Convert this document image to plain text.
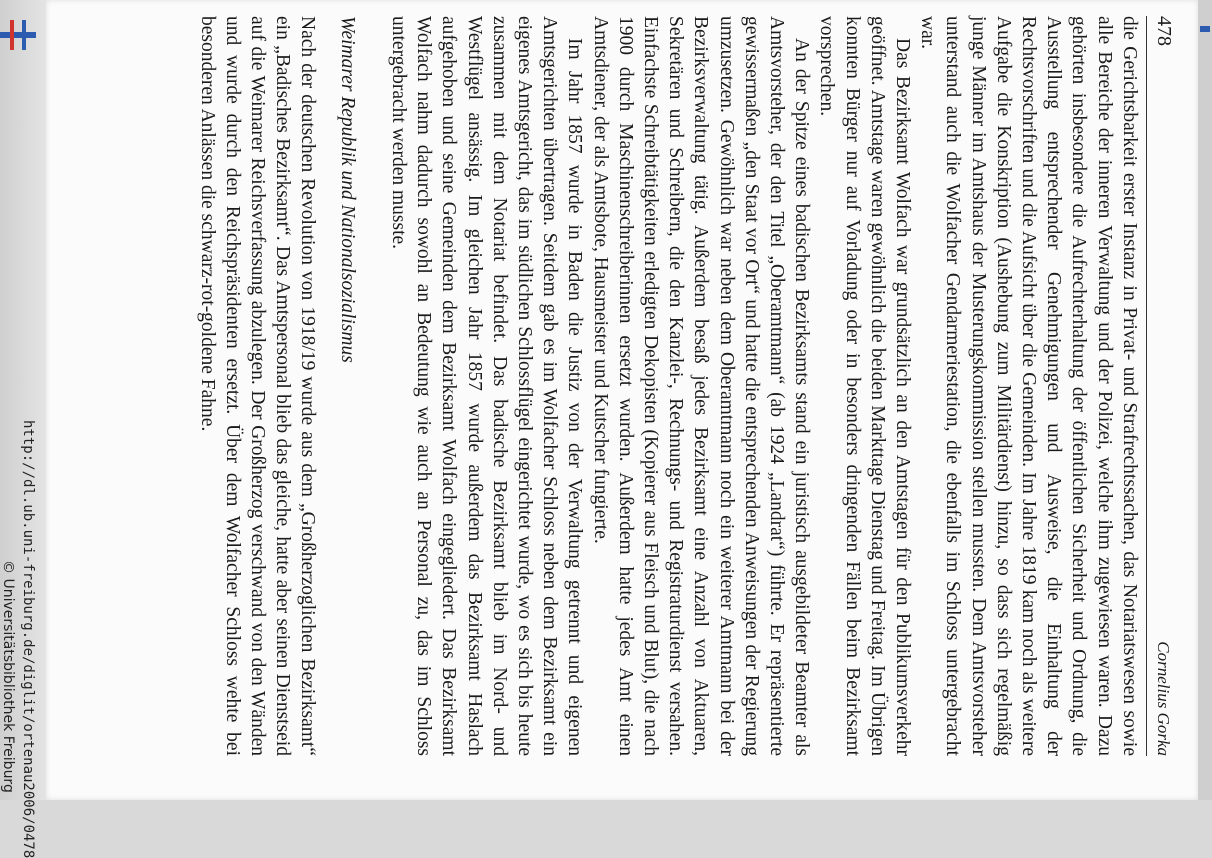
http://dl.ub.uni-freiburg.de/diglit/ortenau2006/0478
© Universitätsbibliothek Freiburg
478
Cornelius Gorka

die Gerichtsbarkeit erster Instanz in Privat- und Strafrechtssachen, das Notariatswesen sowie alle Bereiche der inneren Verwaltung und der Polizei, welche ihm zugewiesen waren. Dazu gehörten insbesondere die Aufrechterhaltung der öffentlichen Sicherheit und Ordnung, die Ausstellung entsprechender Genehmigungen und Ausweise, die Einhaltung der Rechtsvorschriften und die Aufsicht über die Gemeinden. Im Jahre 1819 kam noch als weitere Aufgabe die Konskription (Aushebung zum Militärdienst) hinzu, so dass sich regelmäßig junge Männer im Amtshaus der Musterungskommission stellen mussten. Dem Amtsvorsteher unterstand auch die Wolfacher Gendarmeriestation, die ebenfalls im Schloss untergebracht war.

Das Bezirksamt Wolfach war grundsätzlich an den Amtstagen für den Publikumsverkehr geöffnet. Amtstage waren gewöhnlich die beiden Markttage Dienstag und Freitag. Im Übrigen konnten Bürger nur auf Vorladung oder in besonders dringenden Fällen beim Bezirksamt vorsprechen.

An der Spitze eines badischen Bezirksamts stand ein juristisch ausgebildeter Beamter als Amtsvorsteher, der den Titel „Oberamtmann“ (ab 1924 „Landrat“) führte. Er repräsentierte gewissermaßen „den Staat vor Ort“ und hatte die entsprechenden Anweisungen der Regierung umzusetzen. Gewöhnlich war neben dem Oberamtmann noch ein weiterer Amtmann bei der Bezirksverwaltung tätig. Außerdem besaß jedes Bezirksamt eine Anzahl von Aktuaren, Sekretären und Schreibern, die den Kanzlei-, Rechnungs- und Registraturdienst versahen. Einfachste Schreibtätigkeiten erledigten Dekopisten (Kopierer aus Fleisch und Blut), die nach 1900 durch Maschinenschreiberinnen ersetzt wurden. Außerdem hatte jedes Amt einen Amtsdiener, der als Amtsbote, Hausmeister und Kutscher fungierte.

Im Jahr 1857 wurde in Baden die Justiz von der Verwaltung getrennt und eigenen Amtsgerichten übertragen. Seitdem gab es im Wolfacher Schloss neben dem Bezirksamt ein eigenes Amtsgericht, das im südlichen Schlossflügel eingerichtet wurde, wo es sich bis heute zusammen mit dem Notariat befindet. Das badische Bezirksamt blieb im Nord- und Westflügel ansässig. Im gleichen Jahr 1857 wurde außerdem das Bezirksamt Haslach aufgehoben und seine Gemeinden dem Bezirksamt Wolfach eingegliedert. Das Bezirksamt Wolfach nahm dadurch sowohl an Bedeutung wie auch an Personal zu, das im Schloss untergebracht werden musste.

Weimarer Republik und Nationalsozialismus

Nach der deutschen Revolution von 1918/19 wurde aus dem „Großherzoglichen Bezirksamt“ ein „Badisches Bezirksamt“. Das Amtspersonal blieb das gleiche, hatte aber seinen Dienstseid auf die Weimarer Reichsverfassung abzulegen. Der Großherzog verschwand von den Wänden und wurde durch den Reichspräsidenten ersetzt. Über dem Wolfacher Schloss wehte bei besonderen Anlässen die schwarz-rot-goldene Fahne.
